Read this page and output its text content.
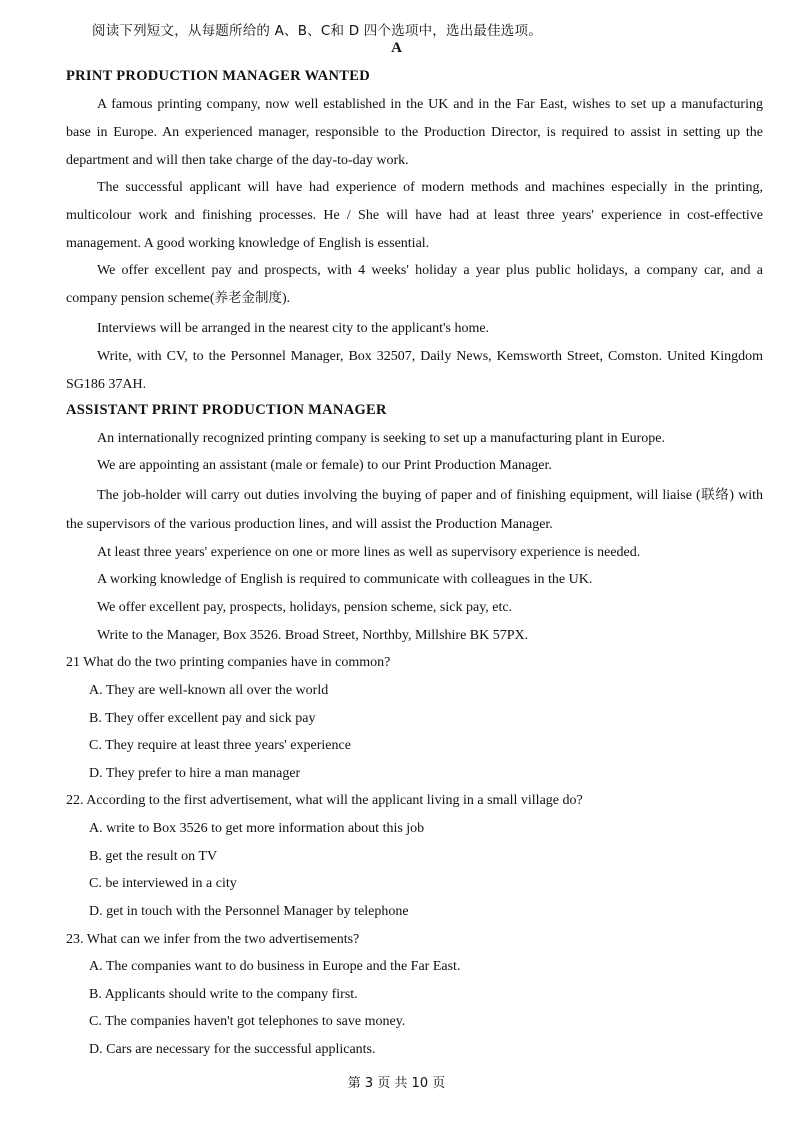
阅读下列短文，从每题所给的 A、B、C和 D 四个选项中，选出最佳选项。
A
PRINT PRODUCTION MANAGER WANTED
A famous printing company, now well established in the UK and in the Far East, wishes to set up a manufacturing base in Europe. An experienced manager, responsible to the Production Director, is required to assist in setting up the department and will then take charge of the day-to-day work.
The successful applicant will have had experience of modern methods and machines especially in the printing, multicolour work and finishing processes. He / She will have had at least three years' experience in cost-effective management. A good working knowledge of English is essential.
We offer excellent pay and prospects, with 4 weeks' holiday a year plus public holidays, a company car, and a company pension scheme(养老金制度).
Interviews will be arranged in the nearest city to the applicant's home.
Write, with CV, to the Personnel Manager, Box 32507, Daily News, Kemsworth Street, Comston. United Kingdom SG186 37AH.
ASSISTANT PRINT PRODUCTION MANAGER
An internationally recognized printing company is seeking to set up a manufacturing plant in Europe.
We are appointing an assistant (male or female) to our Print Production Manager.
The job-holder will carry out duties involving the buying of paper and of finishing equipment, will liaise (联络) with the supervisors of the various production lines, and will assist the Production Manager.
At least three years' experience on one or more lines as well as supervisory experience is needed.
A working knowledge of English is required to communicate with colleagues in the UK.
We offer excellent pay, prospects, holidays, pension scheme, sick pay, etc.
Write to the Manager, Box 3526. Broad Street, Northby, Millshire BK 57PX.
21 What do the two printing companies have in common?
A. They are well-known all over the world
B. They offer excellent pay and sick pay
C. They require at least three years' experience
D. They prefer to hire a man manager
22. According to the first advertisement, what will the applicant living in a small village do?
A. write to Box 3526 to get more information about this job
B. get the result on TV
C. be interviewed in a city
D. get in touch with the Personnel Manager by telephone
23. What can we infer from the two advertisements?
A. The companies want to do business in Europe and the Far East.
B. Applicants should write to the company first.
C. The companies haven't got telephones to save money.
D. Cars are necessary for the successful applicants.
第 3 页 共 10 页
